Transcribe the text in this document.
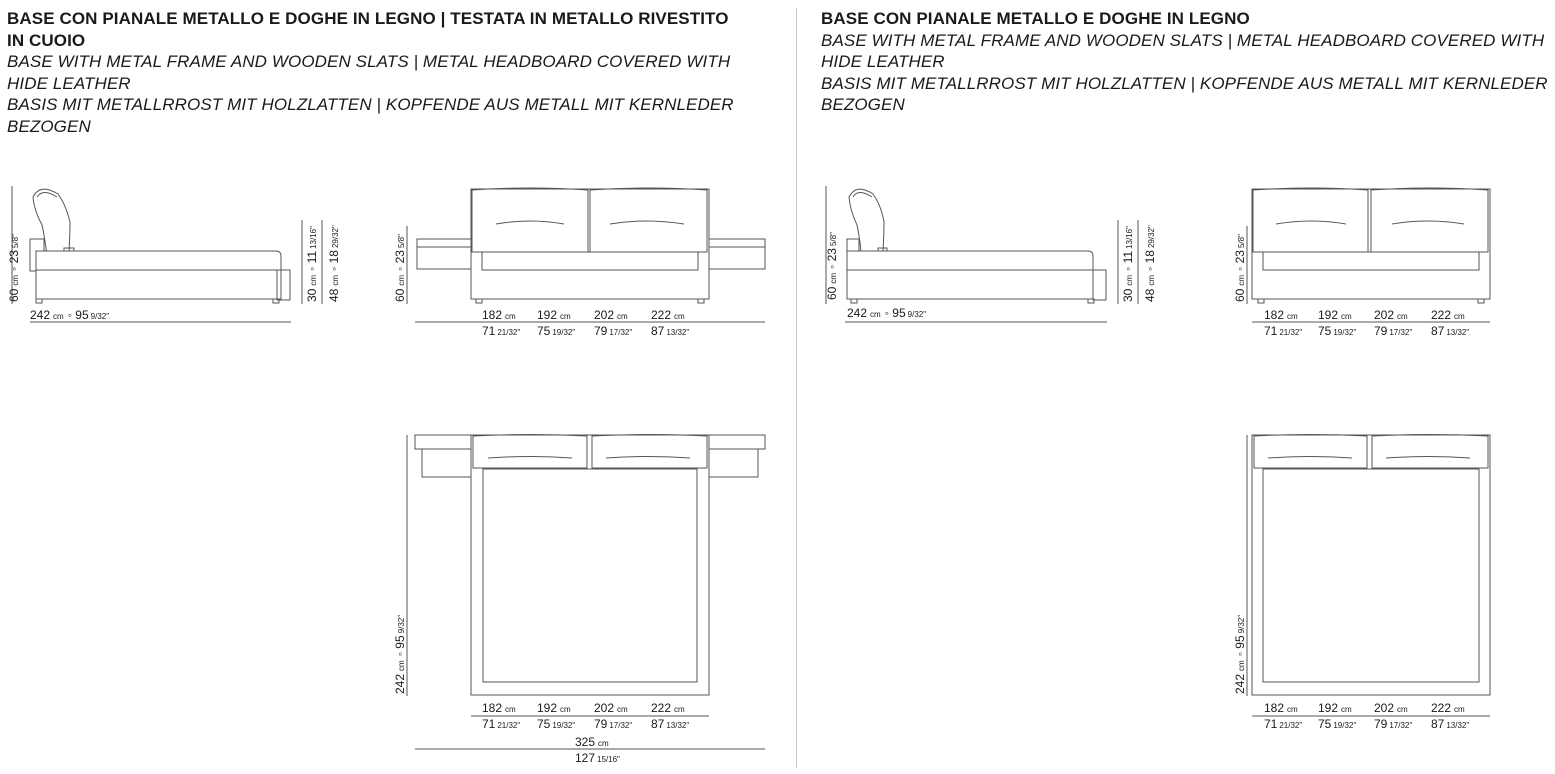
BASE CON PIANALE METALLO E DOGHE IN LEGNO | TESTATA IN METALLO RIVESTITO IN CUOIO
BASE WITH METAL FRAME AND WOODEN SLATS | METAL HEADBOARD COVERED WITH HIDE LEATHER
BASIS MIT METALLRROST MIT HOLZLATTEN | KOPFENDE AUS METALL MIT KERNLEDER BEZOGEN
BASE CON PIANALE METALLO E DOGHE IN LEGNO
BASE WITH METAL FRAME AND WOODEN SLATS | METAL HEADBOARD COVERED WITH HIDE LEATHER
BASIS MIT METALLRROST MIT HOLZLATTEN | KOPFENDE AUS METALL MIT KERNLEDER BEZOGEN
60cm◦ 235/8"
242 cm ◦ 95 9/32"
30cm◦ 1113/16"
48cm◦ 1829/32"
60cm◦ 235/8"
182 cm
71 21/32"
192 cm
75 19/32"
202 cm
79 17/32"
222 cm
87 13/32"
242cm◦ 959/32"
182 cm
71 21/32"
192 cm
75 19/32"
202 cm
79 17/32"
222 cm
87 13/32"
325 cm
127 15/16"
60cm◦ 235/8"
242 cm ◦ 95 9/32"
30cm◦ 1113/16"
48cm◦ 1829/32"
60cm◦ 235/8"
182 cm
71 21/32"
192 cm
75 19/32"
202 cm
79 17/32"
222 cm
87 13/32"
242cm◦ 959/32"
182 cm
71 21/32"
192 cm
75 19/32"
202 cm
79 17/32"
222 cm
87 13/32"
